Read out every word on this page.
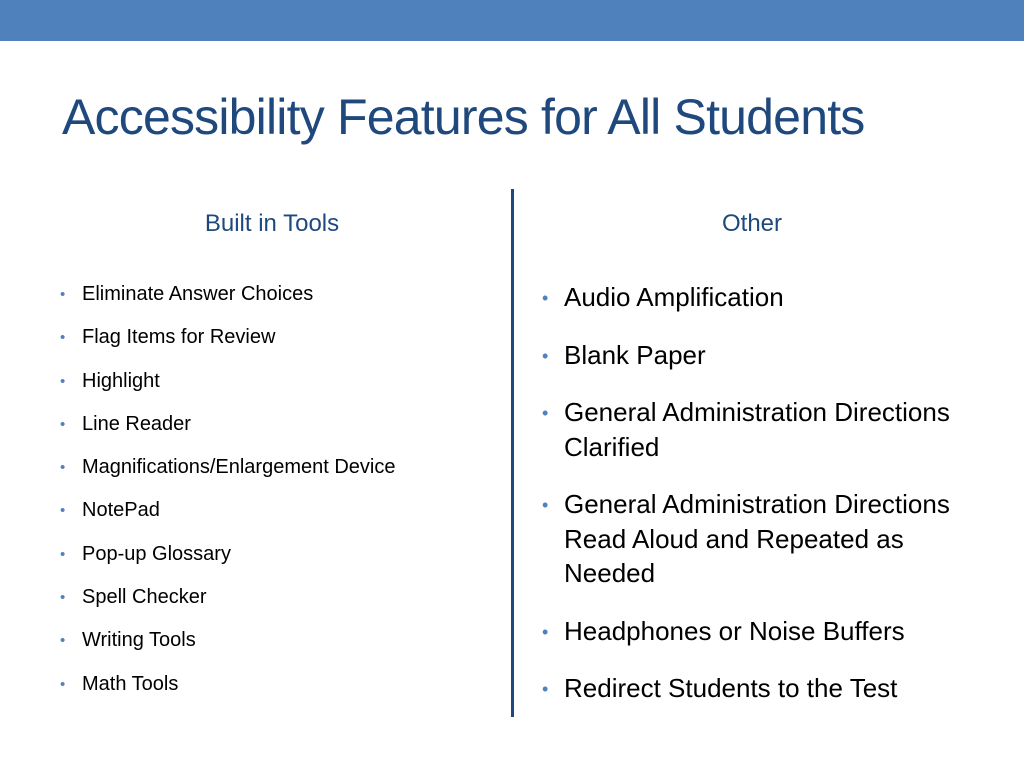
Accessibility Features for All Students
Built in Tools	Other
• Eliminate Answer Choices
• Flag Items for Review
• Highlight
• Line Reader
• Magnifications/Enlargement Device
• NotePad
• Pop-up Glossary
• Spell Checker
• Writing Tools
• Math Tools
• Audio Amplification
• Blank Paper
• General Administration Directions Clarified
• General Administration Directions Read Aloud and Repeated as Needed
• Headphones or Noise Buffers
• Redirect Students to the Test
